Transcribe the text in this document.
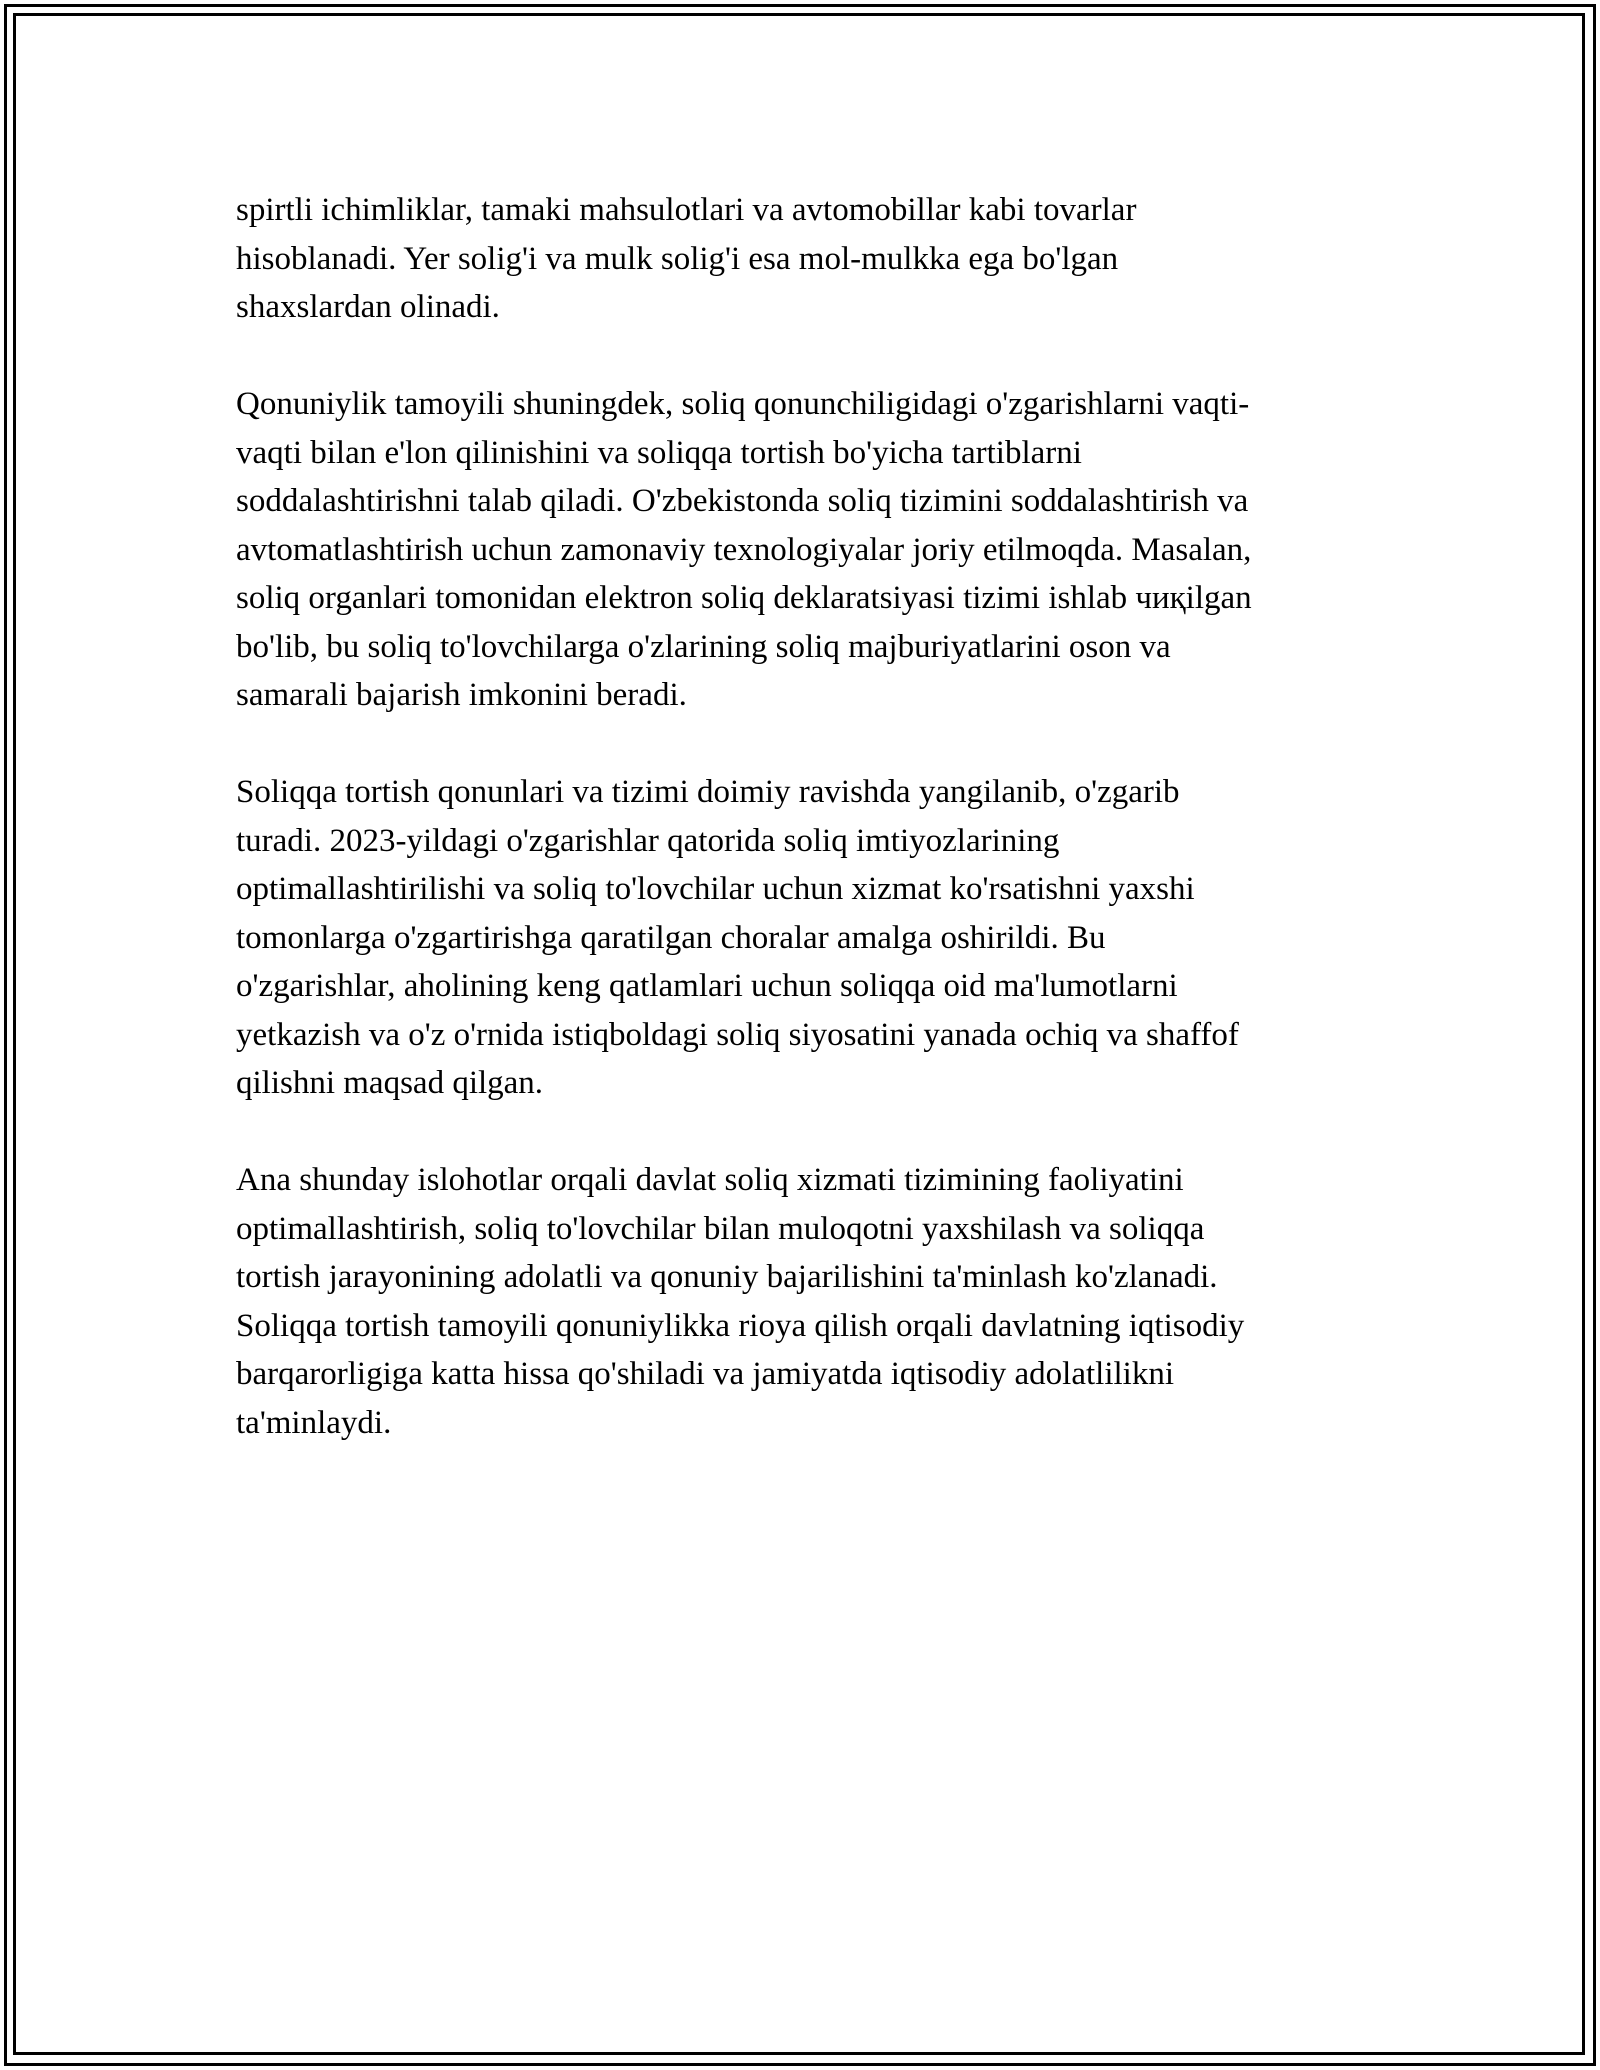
spirtli ichimliklar, tamaki mahsulotlari va avtomobillar kabi tovarlar
hisoblanadi. Yer solig'i va mulk solig'i esa mol-mulkka ega bo'lgan
shaxslardan olinadi.

Qonuniylik tamoyili shuningdek, soliq qonunchiligidagi o'zgarishlarni vaqti-
vaqti bilan e'lon qilinishini va soliqqa tortish bo'yicha tartiblarni
soddalashtirishni talab qiladi. O'zbekistonda soliq tizimini soddalashtirish va
avtomatlashtirish uchun zamonaviy texnologiyalar joriy etilmoqda. Masalan,
soliq organlari tomonidan elektron soliq deklaratsiyasi tizimi ishlab чиқilgan
bo'lib, bu soliq to'lovchilarga o'zlarining soliq majburiyatlarini oson va
samarali bajarish imkonini beradi.

Soliqqa tortish qonunlari va tizimi doimiy ravishda yangilanib, o'zgarib
turadi. 2023-yildagi o'zgarishlar qatorida soliq imtiyozlarining
optimallashtirilishi va soliq to'lovchilar uchun xizmat ko'rsatishni yaxshi
tomonlarga o'zgartirishga qaratilgan choralar amalga oshirildi. Bu
o'zgarishlar, aholining keng qatlamlari uchun soliqqa oid ma'lumotlarni
yetkazish va o'z o'rnida istiqboldagi soliq siyosatini yanada ochiq va shaffof
qilishni maqsad qilgan.

Ana shunday islohotlar orqali davlat soliq xizmati tizimining faoliyatini
optimallashtirish, soliq to'lovchilar bilan muloqotni yaxshilash va soliqqa
tortish jarayonining adolatli va qonuniy bajarilishini ta'minlash ko'zlanadi.
Soliqqa tortish tamoyili qonuniylikka rioya qilish orqali davlatning iqtisodiy
barqarorligiga katta hissa qo'shiladi va jamiyatda iqtisodiy adolatlilikni
ta'minlaydi.
